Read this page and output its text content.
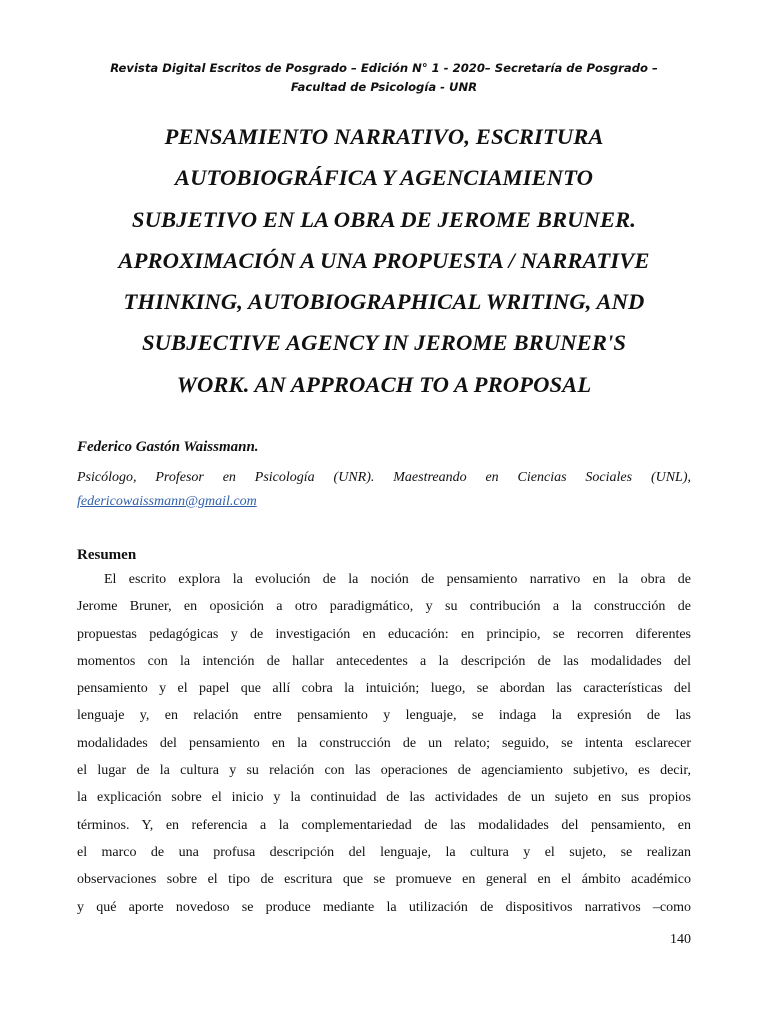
Revista Digital Escritos de Posgrado – Edición N° 1 - 2020– Secretaría de Posgrado –
Facultad de Psicología - UNR
PENSAMIENTO NARRATIVO, ESCRITURA
AUTOBIOGRÁFICA Y AGENCIAMIENTO
SUBJETIVO EN LA OBRA DE JEROME BRUNER.
APROXIMACIÓN A UNA PROPUESTA / NARRATIVE
THINKING, AUTOBIOGRAPHICAL WRITING, AND
SUBJECTIVE AGENCY IN JEROME BRUNER'S
WORK. AN APPROACH TO A PROPOSAL
Federico Gastón Waissmann.
Psicólogo, Profesor en Psicología (UNR). Maestreando en Ciencias Sociales (UNL),
federicowaissmann@gmail.com
Resumen
El escrito explora la evolución de la noción de pensamiento narrativo en la obra de
Jerome Bruner, en oposición a otro paradigmático, y su contribución a la construcción de
propuestas pedagógicas y de investigación en educación: en principio, se recorren diferentes
momentos con la intención de hallar antecedentes a la descripción de las modalidades del
pensamiento y el papel que allí cobra la intuición; luego, se abordan las características del
lenguaje y, en relación entre pensamiento y lenguaje, se indaga la expresión de las
modalidades del pensamiento en la construcción de un relato; seguido, se intenta esclarecer
el lugar de la cultura y su relación con las operaciones de agenciamiento subjetivo, es decir,
la explicación sobre el inicio y la continuidad de las actividades de un sujeto en sus propios
términos. Y, en referencia a la complementariedad de las modalidades del pensamiento, en
el marco de una profusa descripción del lenguaje, la cultura y el sujeto, se realizan
observaciones sobre el tipo de escritura que se promueve en general en el ámbito académico
y qué aporte novedoso se produce mediante la utilización de dispositivos narrativos –como
140
